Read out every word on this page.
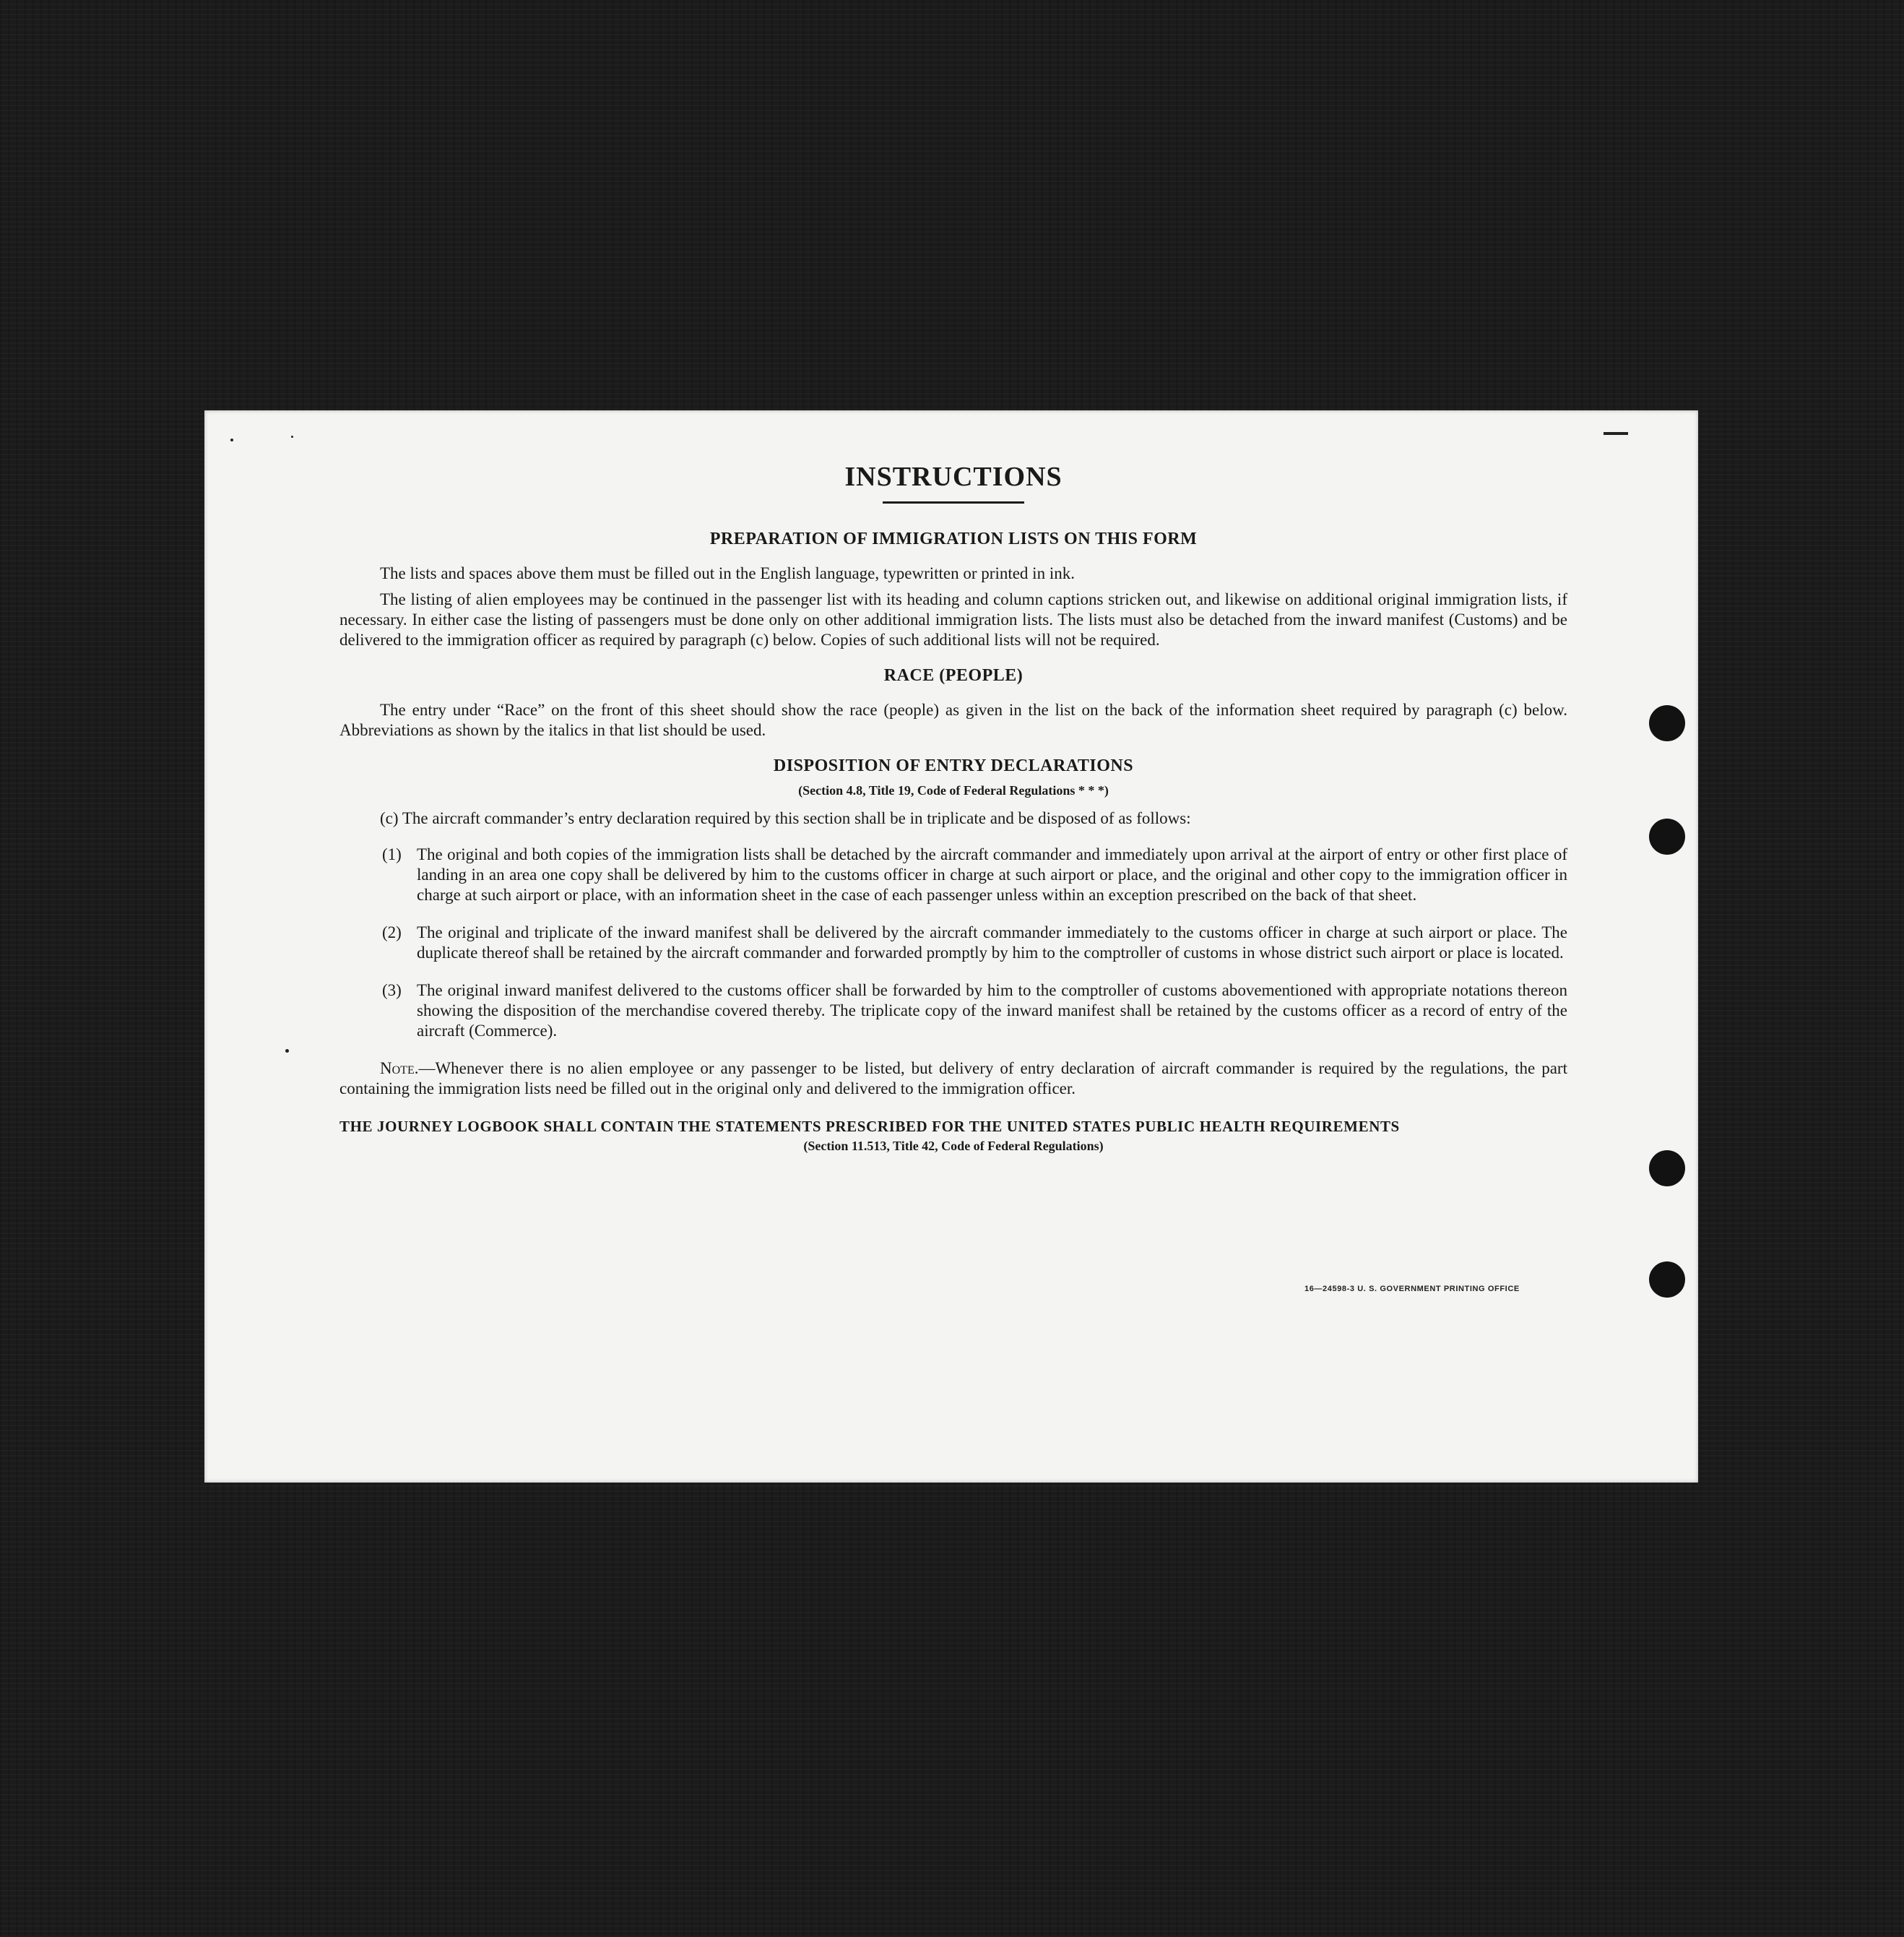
INSTRUCTIONS
PREPARATION OF IMMIGRATION LISTS ON THIS FORM

The lists and spaces above them must be filled out in the English language, typewritten or printed in ink.

The listing of alien employees may be continued in the passenger list with its heading and column captions stricken out, and likewise on additional original immigration lists, if necessary. In either case the listing of passengers must be done only on other additional immigration lists. The lists must also be detached from the inward manifest (Customs) and be delivered to the immigration officer as required by paragraph (c) below. Copies of such additional lists will not be required.

RACE (PEOPLE)

The entry under “Race” on the front of this sheet should show the race (people) as given in the list on the back of the information sheet required by paragraph (c) below. Abbreviations as shown by the italics in that list should be used.

DISPOSITION OF ENTRY DECLARATIONS
(Section 4.8, Title 19, Code of Federal Regulations * * *)

(c) The aircraft commander’s entry declaration required by this section shall be in triplicate and be disposed of as follows:

(1) The original and both copies of the immigration lists shall be detached by the aircraft commander and immediately upon arrival at the airport of entry or other first place of landing in an area one copy shall be delivered by him to the customs officer in charge at such airport or place, and the original and other copy to the immigration officer in charge at such airport or place, with an information sheet in the case of each passenger unless within an exception prescribed on the back of that sheet.
(2) The original and triplicate of the inward manifest shall be delivered by the aircraft commander immediately to the customs officer in charge at such airport or place. The duplicate thereof shall be retained by the aircraft commander and forwarded promptly by him to the comptroller of customs in whose district such airport or place is located.
(3) The original inward manifest delivered to the customs officer shall be forwarded by him to the comptroller of customs abovementioned with appropriate notations thereon showing the disposition of the merchandise covered thereby. The triplicate copy of the inward manifest shall be retained by the customs officer as a record of entry of the aircraft (Commerce).

Note.—Whenever there is no alien employee or any passenger to be listed, but delivery of entry declaration of aircraft commander is required by the regulations, the part containing the immigration lists need be filled out in the original only and delivered to the immigration officer.

THE JOURNEY LOGBOOK SHALL CONTAIN THE STATEMENTS PRESCRIBED FOR THE UNITED STATES PUBLIC HEALTH REQUIREMENTS
(Section 11.513, Title 42, Code of Federal Regulations)
16—24598-3 U. S. GOVERNMENT PRINTING OFFICE
